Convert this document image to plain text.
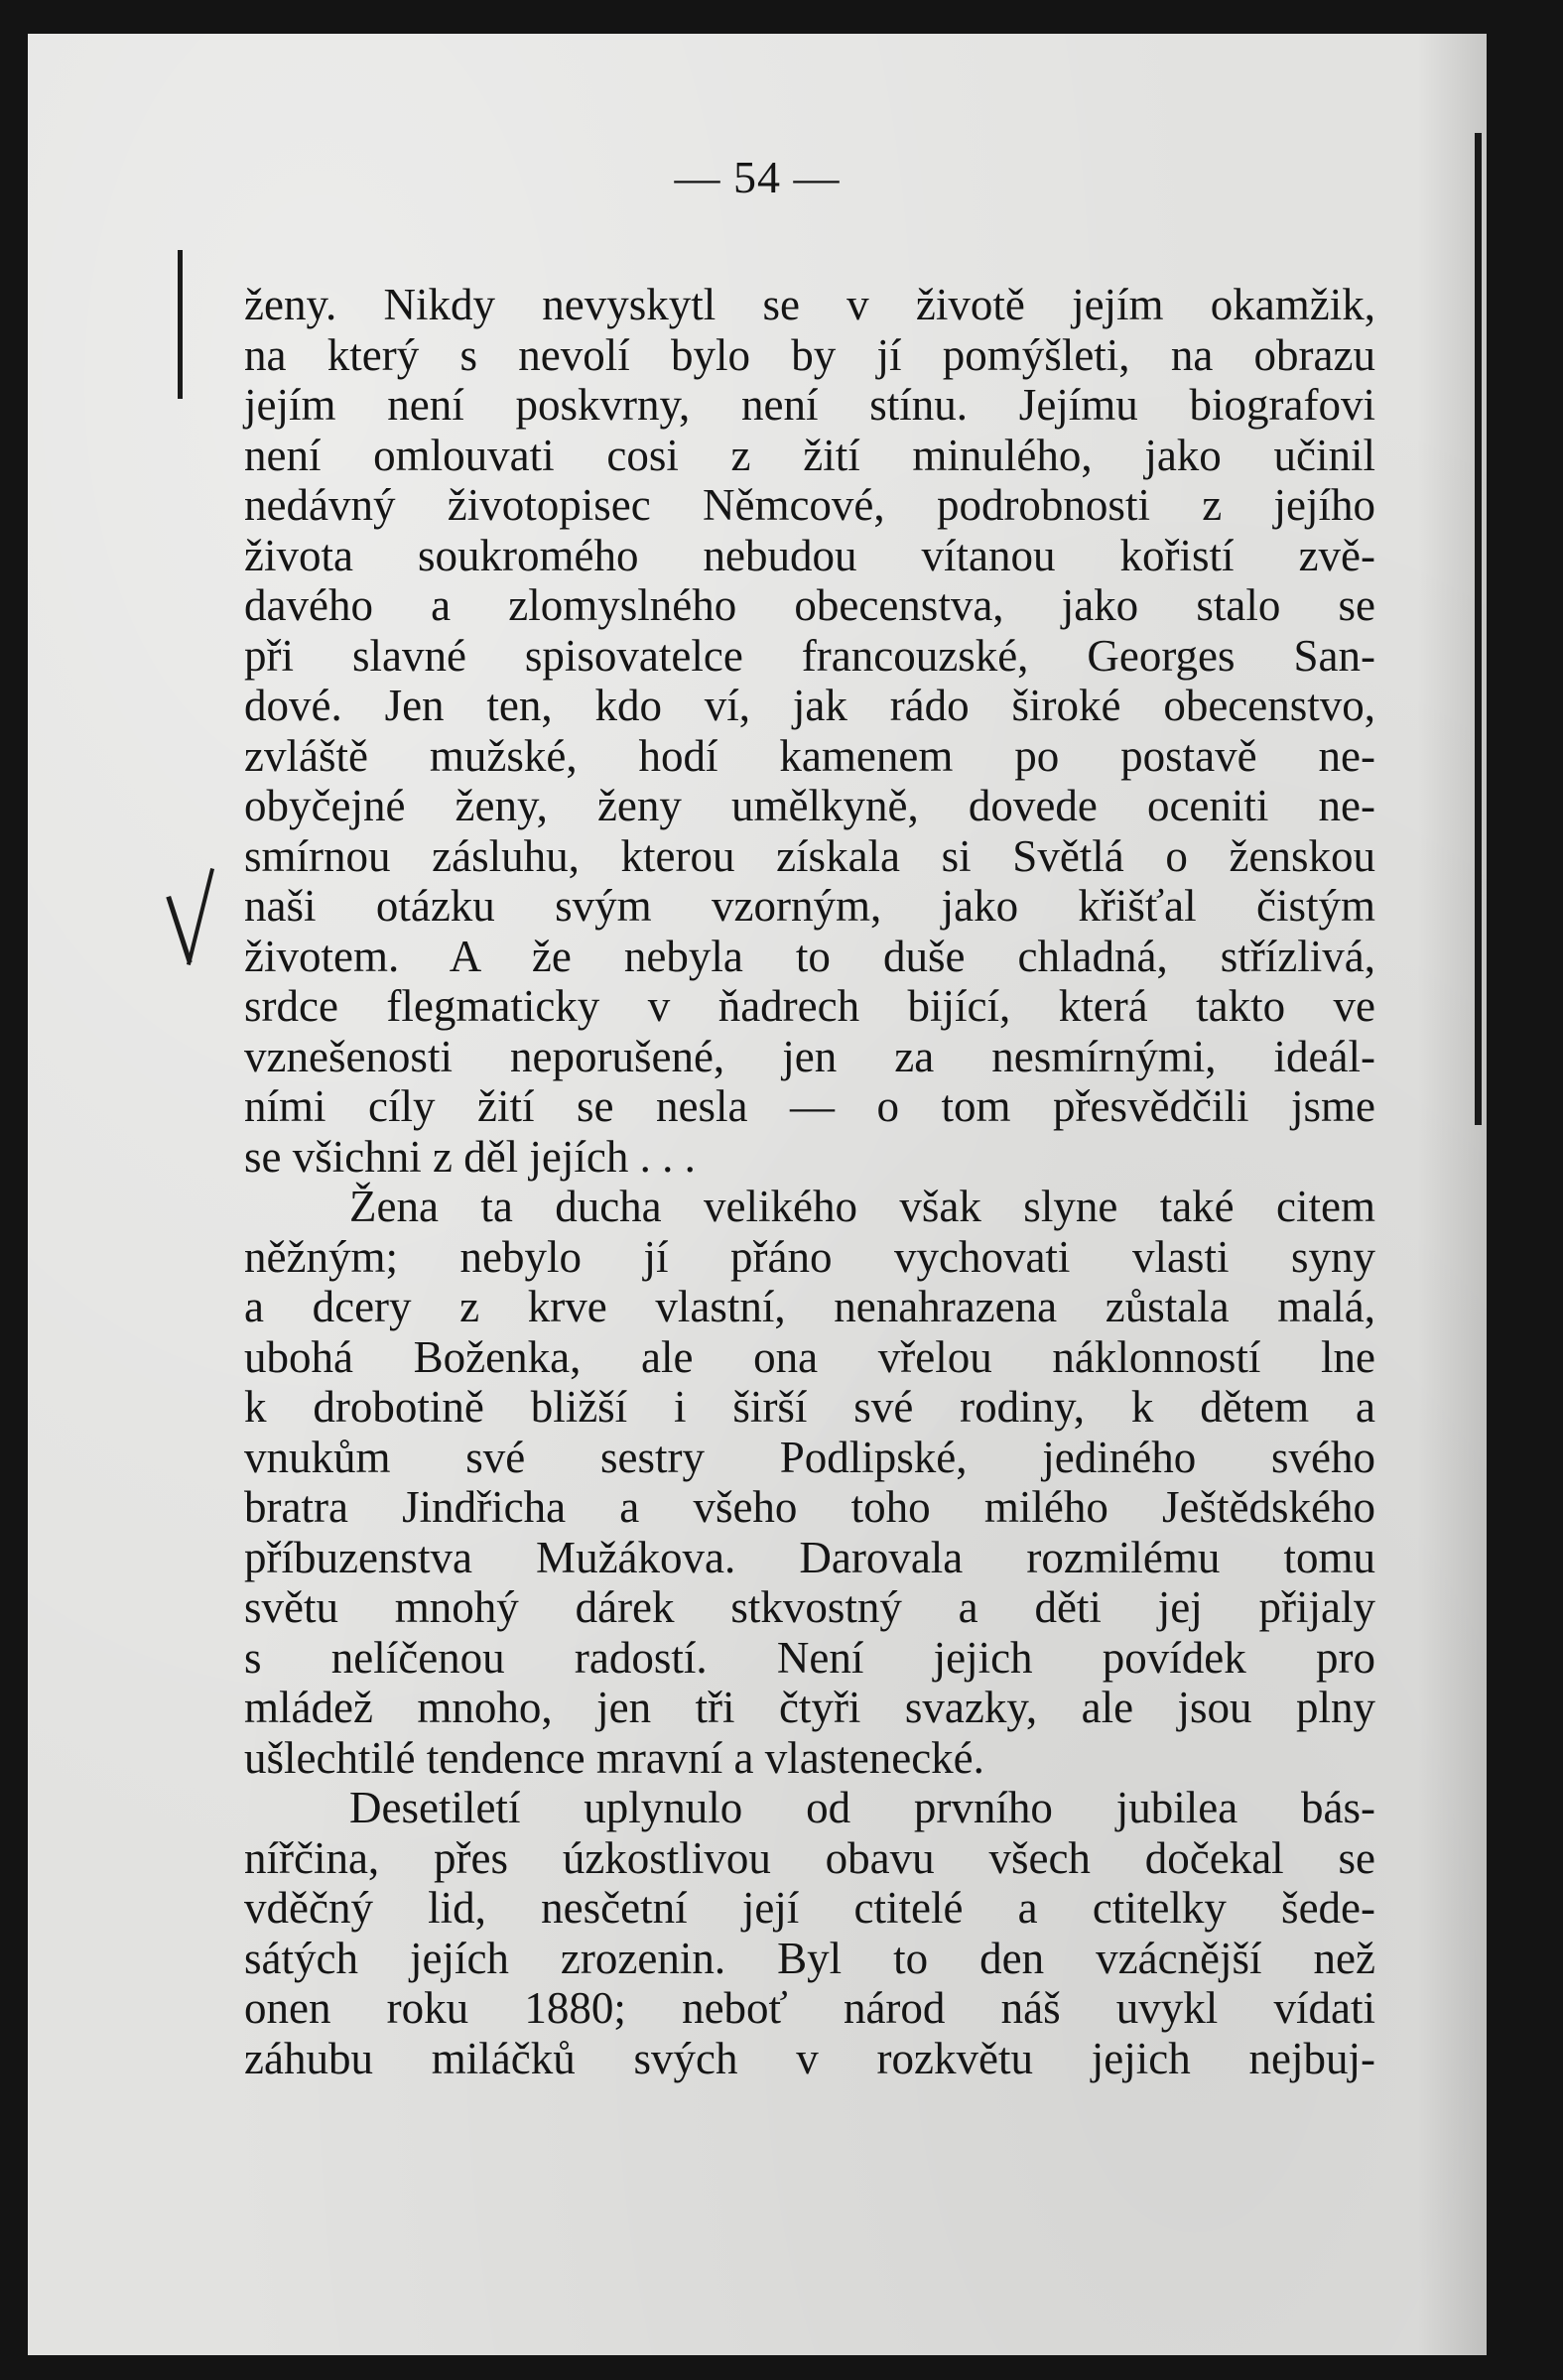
— 54 —
ženy. Nikdy nevyskytl se v životě jejím okamžik,
na který s nevolí bylo by jí pomýšleti, na obrazu
jejím není poskvrny, není stínu. Jejímu biografovi
není omlouvati cosi z žití minulého, jako učinil
nedávný životopisec Němcové, podrobnosti z jejího
života soukromého nebudou vítanou kořistí zvě-
davého a zlomyslného obecenstva, jako stalo se
při slavné spisovatelce francouzské, Georges San-
dové. Jen ten, kdo ví, jak rádo široké obecenstvo,
zvláště mužské, hodí kamenem po postavě ne-
obyčejné ženy, ženy umělkyně, dovede oceniti ne-
smírnou zásluhu, kterou získala si Světlá o ženskou
naši otázku svým vzorným, jako křišťal čistým
životem. A že nebyla to duše chladná, střízlivá,
srdce flegmaticky v ňadrech bijící, která takto ve
vznešenosti neporušené, jen za nesmírnými, ideál-
ními cíly žití se nesla — o tom přesvědčili jsme
se všichni z děl jejích . . .
Žena ta ducha velikého však slyne také citem
něžným; nebylo jí přáno vychovati vlasti syny
a dcery z krve vlastní, nenahrazena zůstala malá,
ubohá Boženka, ale ona vřelou náklonností lne
k drobotině bližší i širší své rodiny, k dětem a
vnukům své sestry Podlipské, jediného svého
bratra Jindřicha a všeho toho milého Ještědského
příbuzenstva Mužákova. Darovala rozmilému tomu
světu mnohý dárek stkvostný a děti jej přijaly
s nelíčenou radostí. Není jejich povídek pro
mládež mnoho, jen tři čtyři svazky, ale jsou plny
ušlechtilé tendence mravní a vlastenecké.
Desetiletí uplynulo od prvního jubilea bás-
nířčina, přes úzkostlivou obavu všech dočekal se
vděčný lid, nesčetní její ctitelé a ctitelky šede-
sátých jejích zrozenin. Byl to den vzácnější než
onen roku 1880; neboť národ náš uvykl vídati
záhubu miláčků svých v rozkvětu jejich nejbuj-
